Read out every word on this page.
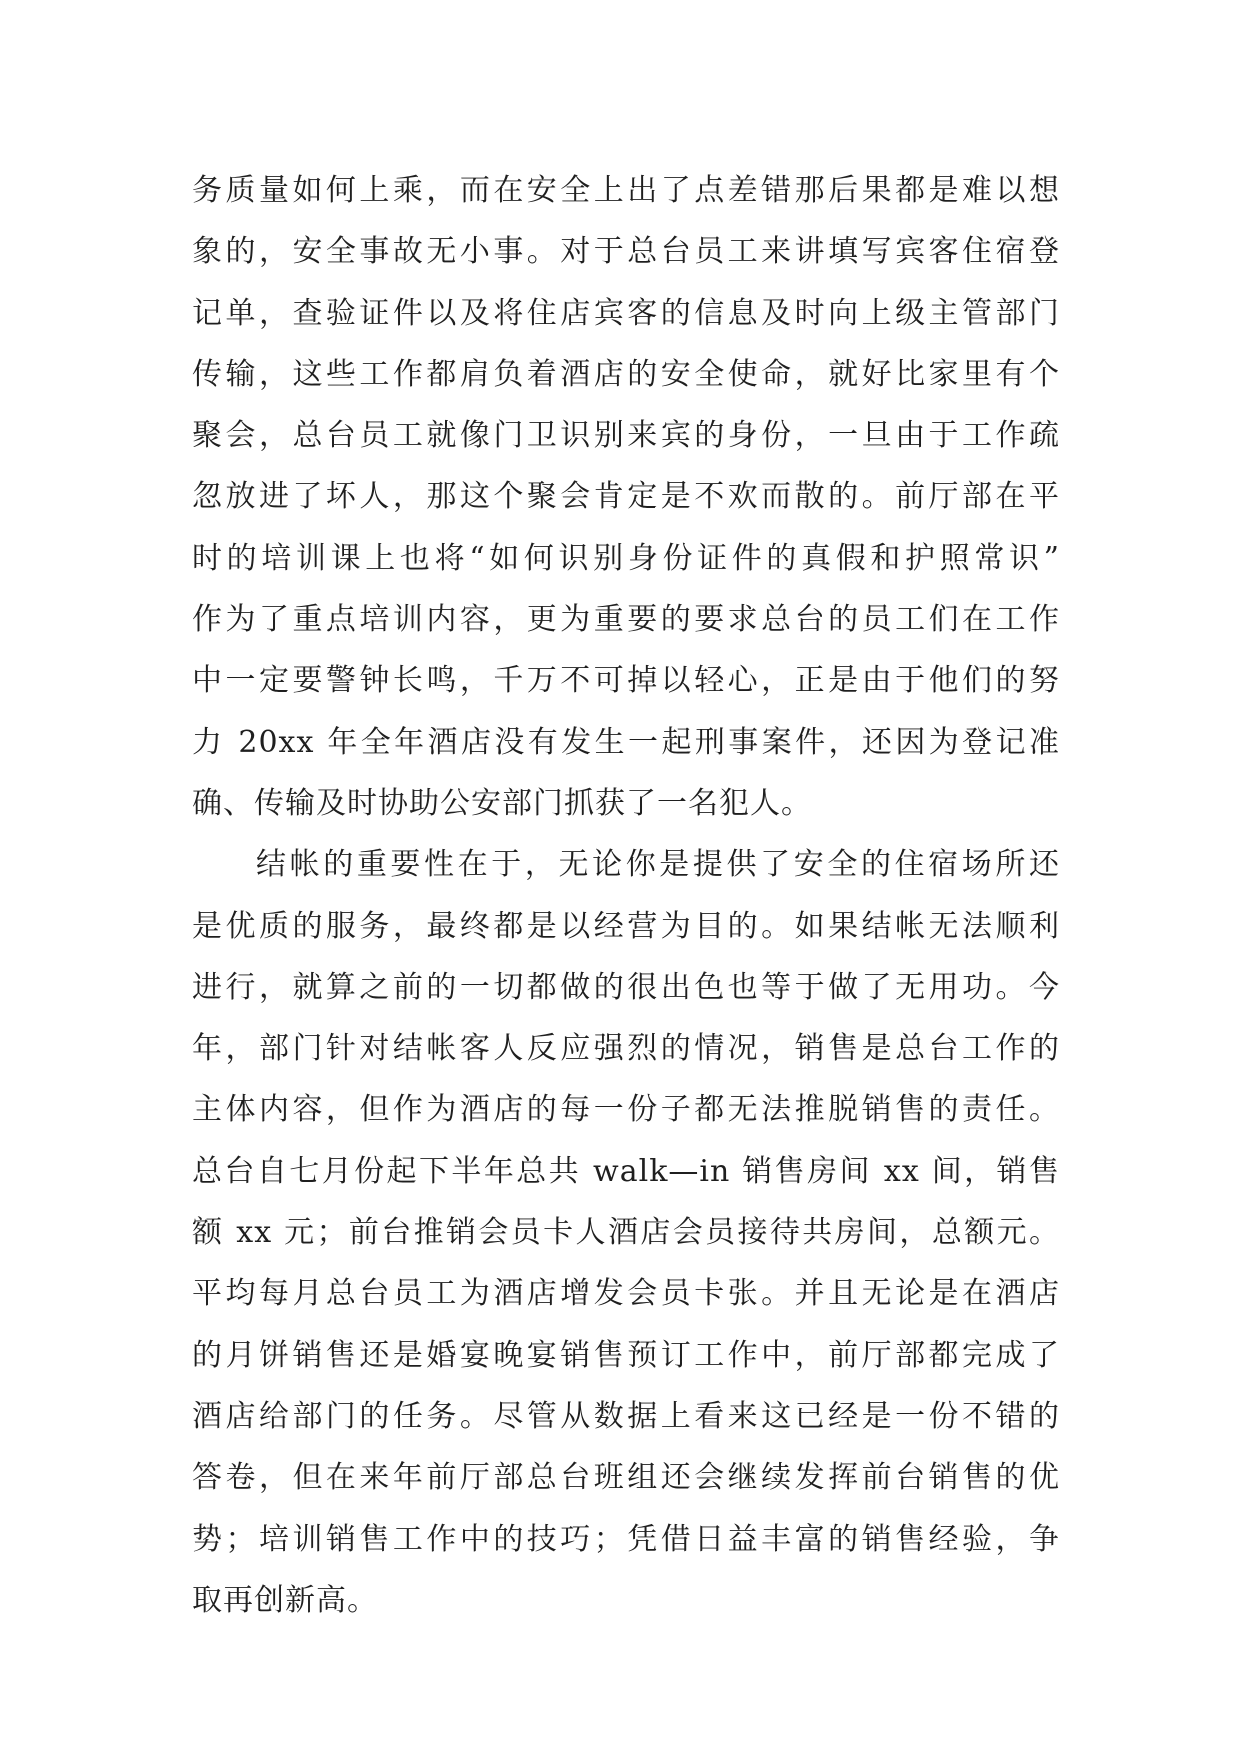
务质量如何上乘，而在安全上出了点差错那后果都是难以想
象的，安全事故无小事。对于总台员工来讲填写宾客住宿登
记单，查验证件以及将住店宾客的信息及时向上级主管部门
传输，这些工作都肩负着酒店的安全使命，就好比家里有个
聚会，总台员工就像门卫识别来宾的身份，一旦由于工作疏
忽放进了坏人，那这个聚会肯定是不欢而散的。前厅部在平
时的培训课上也将“如何识别身份证件的真假和护照常识”
作为了重点培训内容，更为重要的要求总台的员工们在工作
中一定要警钟长鸣，千万不可掉以轻心，正是由于他们的努
力 20xx 年全年酒店没有发生一起刑事案件，还因为登记准
确、传输及时协助公安部门抓获了一名犯人。
结帐的重要性在于，无论你是提供了安全的住宿场所还
是优质的服务，最终都是以经营为目的。如果结帐无法顺利
进行，就算之前的一切都做的很出色也等于做了无用功。今
年，部门针对结帐客人反应强烈的情况，销售是总台工作的
主体内容，但作为酒店的每一份子都无法推脱销售的责任。
总台自七月份起下半年总共 walk—in 销售房间 xx 间，销售
额 xx 元；前台推销会员卡人酒店会员接待共房间，总额元。
平均每月总台员工为酒店增发会员卡张。并且无论是在酒店
的月饼销售还是婚宴晚宴销售预订工作中，前厅部都完成了
酒店给部门的任务。尽管从数据上看来这已经是一份不错的
答卷，但在来年前厅部总台班组还会继续发挥前台销售的优
势；培训销售工作中的技巧；凭借日益丰富的销售经验，争
取再创新高。
